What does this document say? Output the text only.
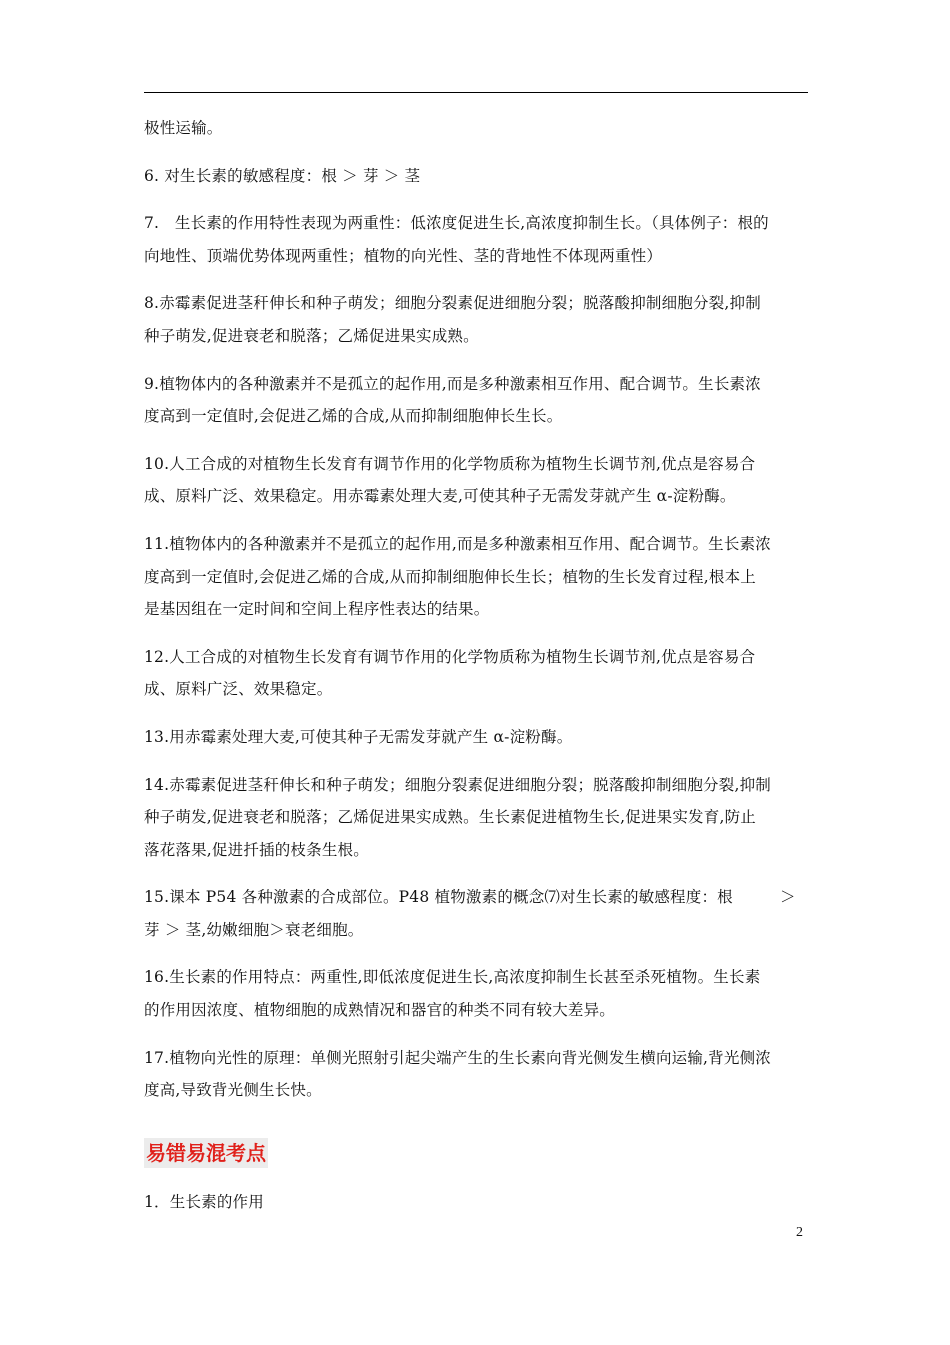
极性运输。
6. 对生长素的敏感程度：根 ＞ 芽 ＞ 茎
7.　生长素的作用特性表现为两重性：低浓度促进生长,高浓度抑制生长。（具体例子：根的
向地性、顶端优势体现两重性；植物的向光性、茎的背地性不体现两重性）
8.赤霉素促进茎秆伸长和种子萌发；细胞分裂素促进细胞分裂；脱落酸抑制细胞分裂,抑制
种子萌发,促进衰老和脱落；乙烯促进果实成熟。
9.植物体内的各种激素并不是孤立的起作用,而是多种激素相互作用、配合调节。生长素浓
度高到一定值时,会促进乙烯的合成,从而抑制细胞伸长生长。
10.人工合成的对植物生长发育有调节作用的化学物质称为植物生长调节剂,优点是容易合
成、原料广泛、效果稳定。用赤霉素处理大麦,可使其种子无需发芽就产生 α-淀粉酶。
11.植物体内的各种激素并不是孤立的起作用,而是多种激素相互作用、配合调节。生长素浓
度高到一定值时,会促进乙烯的合成,从而抑制细胞伸长生长；植物的生长发育过程,根本上
是基因组在一定时间和空间上程序性表达的结果。
12.人工合成的对植物生长发育有调节作用的化学物质称为植物生长调节剂,优点是容易合
成、原料广泛、效果稳定。
13.用赤霉素处理大麦,可使其种子无需发芽就产生 α-淀粉酶。
14.赤霉素促进茎秆伸长和种子萌发；细胞分裂素促进细胞分裂；脱落酸抑制细胞分裂,抑制
种子萌发,促进衰老和脱落；乙烯促进果实成熟。生长素促进植物生长,促进果实发育,防止
落花落果,促进扦插的枝条生根。
15.课本 P54 各种激素的合成部位。P48 植物激素的概念⑺对生长素的敏感程度：根　　　＞
芽 ＞ 茎,幼嫩细胞＞衰老细胞。
16.生长素的作用特点：两重性,即低浓度促进生长,高浓度抑制生长甚至杀死植物。生长素
的作用因浓度、植物细胞的成熟情况和器官的种类不同有较大差异。
17.植物向光性的原理：单侧光照射引起尖端产生的生长素向背光侧发生横向运输,背光侧浓
度高,导致背光侧生长快。
易错易混考点
1．生长素的作用
2
